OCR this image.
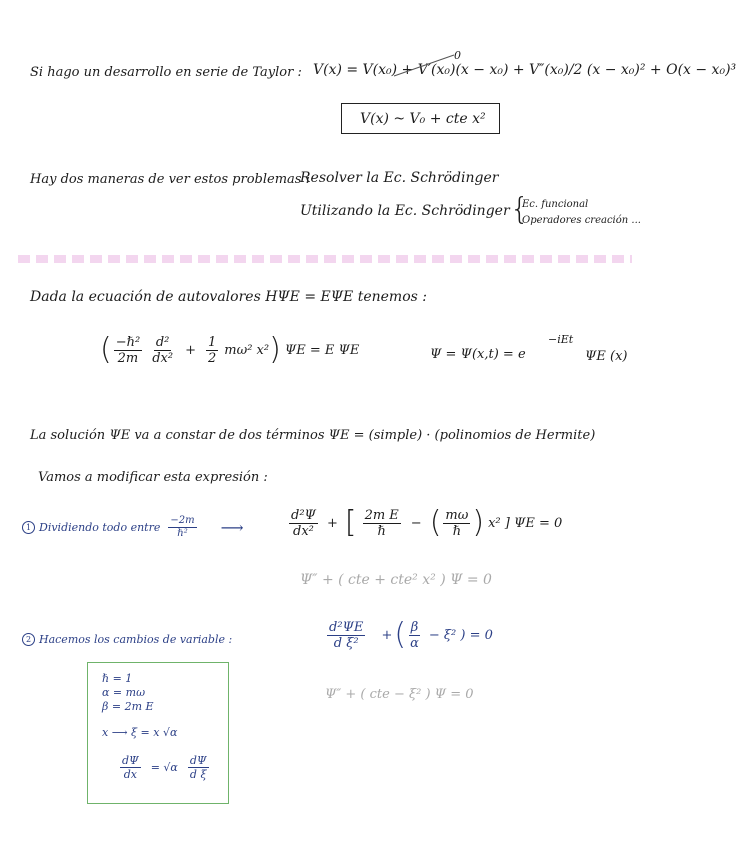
Si hago un desarrollo en serie de Taylor : V(x) = V(x₀) + V′(x₀)(x − x₀) + V″(x₀)/2 (x − x₀)² + O(x − x₀)³
0
V(x) ~ V₀ + cte x²
Hay dos maneras de ver estos problemas :
Resolver la Ec. Schrödinger
Utilizando la Ec. Schrödinger {
Ec. funcional
Operadores creación ...
Dada la ecuación de autovalores HΨE = EΨE tenemos :
( $\frac{\text{−ℏ²}}{2m} \frac{\text{d²}}{\text{dx²}} + \frac{1}{2} m\omega^2$ x² ) ΨE = E ΨE	Ψ = Ψ(x,t) = e
−iEt
ΨE (x)
La solución ΨE va a constar de dos términos ΨE = (simple) · (polinomios de Hermite)
Vamos a modificar esta expresión :
1 Dividiendo todo entre $\frac{-2m}{\text{ℏ²}}$ ⟶	$\frac{\text{d²Ψ}}{\text{dx²}}$ + [ $\frac{\text{2m E}}{\text{ℏ}}$ − ( $\frac{m\omega}{\text{ℏ}}$ ) x² ] ΨE = 0
Ψ″ + ( cte + cte² x² ) Ψ = 0
2 Hacemos los cambios de variable :	$\frac{\text{d²ΨE}}{\text{d ξ²}}$ + ( $\frac{\beta}{\alpha} - \xi^2$ ) = 0
Ψ″ + ( cte − ξ² ) Ψ = 0
ℏ = 1
α = mω
β = 2m E
x ⟶ ξ = x √α
$\frac{d\Psi}{dx} = √\alpha \frac{d\Psi}{\text{d ξ}}$
